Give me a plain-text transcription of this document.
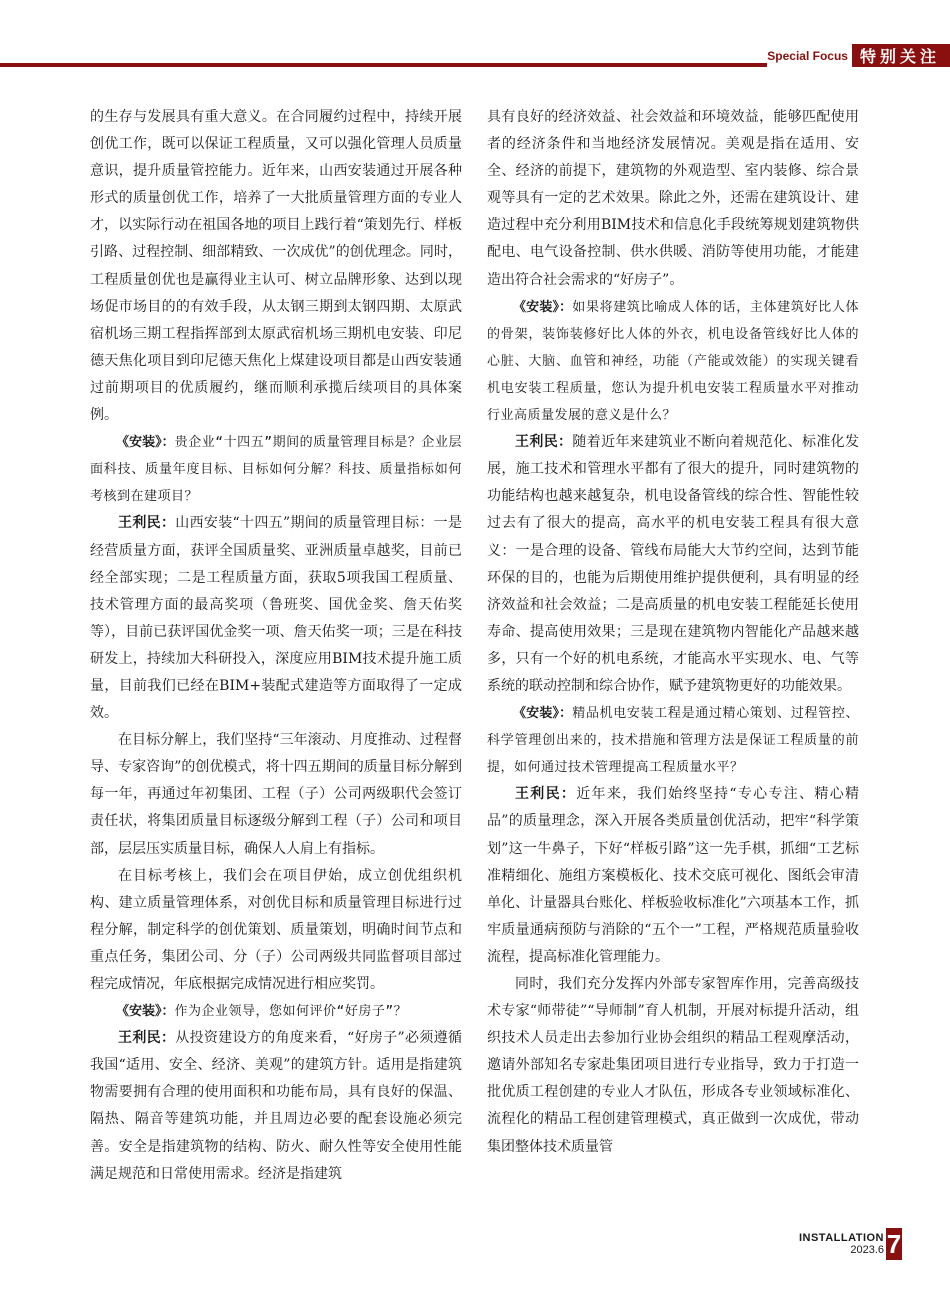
Special Focus 特别关注

的生存与发展具有重大意义。在合同履约过程中，持续开展创优工作，既可以保证工程质量，又可以强化管理人员质量意识，提升质量管控能力。近年来，山西安装通过开展各种形式的质量创优工作，培养了一大批质量管理方面的专业人才，以实际行动在祖国各地的项目上践行着“策划先行、样板引路、过程控制、细部精致、一次成优”的创优理念。同时，工程质量创优也是赢得业主认可、树立品牌形象、达到以现场促市场目的的有效手段，从太钢三期到太钢四期、太原武宿机场三期工程指挥部到太原武宿机场三期机电安装、印尼德天焦化项目到印尼德天焦化上煤建设项目都是山西安装通过前期项目的优质履约，继而顺利承揽后续项目的具体案例。

《安装》：贵企业“十四五”期间的质量管理目标是？企业层面科技、质量年度目标、目标如何分解？科技、质量指标如何考核到在建项目？

王利民：山西安装“十四五”期间的质量管理目标：一是经营质量方面，获评全国质量奖、亚洲质量卓越奖，目前已经全部实现；二是工程质量方面，获取5项我国工程质量、技术管理方面的最高奖项（鲁班奖、国优金奖、詹天佑奖等），目前已获评国优金奖一项、詹天佑奖一项；三是在科技研发上，持续加大科研投入，深度应用BIM技术提升施工质量，目前我们已经在BIM+装配式建造等方面取得了一定成效。

在目标分解上，我们坚持“三年滚动、月度推动、过程督导、专家咨询”的创优模式，将十四五期间的质量目标分解到每一年，再通过年初集团、工程（子）公司两级职代会签订责任状，将集团质量目标逐级分解到工程（子）公司和项目部，层层压实质量目标，确保人人肩上有指标。

在目标考核上，我们会在项目伊始，成立创优组织机构、建立质量管理体系，对创优目标和质量管理目标进行过程分解，制定科学的创优策划、质量策划，明确时间节点和重点任务，集团公司、分（子）公司两级共同监督项目部过程完成情况，年底根据完成情况进行相应奖罚。

《安装》：作为企业领导，您如何评价“好房子”？

王利民：从投资建设方的角度来看，“好房子”必须遵循我国“适用、安全、经济、美观”的建筑方针。适用是指建筑物需要拥有合理的使用面积和功能布局，具有良好的保温、隔热、隔音等建筑功能，并且周边必要的配套设施必须完善。安全是指建筑物的结构、防火、耐久性等安全使用性能满足规范和日常使用需求。经济是指建筑

具有良好的经济效益、社会效益和环境效益，能够匹配使用者的经济条件和当地经济发展情况。美观是指在适用、安全、经济的前提下，建筑物的外观造型、室内装修、综合景观等具有一定的艺术效果。除此之外，还需在建筑设计、建造过程中充分利用BIM技术和信息化手段统筹规划建筑物供配电、电气设备控制、供水供暖、消防等使用功能，才能建造出符合社会需求的“好房子”。

《安装》：如果将建筑比喻成人体的话，主体建筑好比人体的骨架，装饰装修好比人体的外衣，机电设备管线好比人体的心脏、大脑、血管和神经，功能（产能或效能）的实现关键看机电安装工程质量，您认为提升机电安装工程质量水平对推动行业高质量发展的意义是什么？

王利民：随着近年来建筑业不断向着规范化、标准化发展，施工技术和管理水平都有了很大的提升，同时建筑物的功能结构也越来越复杂，机电设备管线的综合性、智能性较过去有了很大的提高，高水平的机电安装工程具有很大意义：一是合理的设备、管线布局能大大节约空间，达到节能环保的目的，也能为后期使用维护提供便利，具有明显的经济效益和社会效益；二是高质量的机电安装工程能延长使用寿命、提高使用效果；三是现在建筑物内智能化产品越来越多，只有一个好的机电系统，才能高水平实现水、电、气等系统的联动控制和综合协作，赋予建筑物更好的功能效果。

《安装》：精品机电安装工程是通过精心策划、过程管控、科学管理创出来的，技术措施和管理方法是保证工程质量的前提，如何通过技术管理提高工程质量水平？

王利民：近年来，我们始终坚持“专心专注、精心精品”的质量理念，深入开展各类质量创优活动，把牢“科学策划”这一牛鼻子，下好“样板引路”这一先手棋，抓细“工艺标准精细化、施组方案模板化、技术交底可视化、图纸会审清单化、计量器具台账化、样板验收标准化”六项基本工作，抓牢质量通病预防与消除的“五个一”工程，严格规范质量验收流程，提高标准化管理能力。

同时，我们充分发挥内外部专家智库作用，完善高级技术专家“师带徒”“导师制”育人机制，开展对标提升活动，组织技术人员走出去参加行业协会组织的精品工程观摩活动，邀请外部知名专家赴集团项目进行专业指导，致力于打造一批优质工程创建的专业人才队伍，形成各专业领域标准化、流程化的精品工程创建管理模式，真正做到一次成优，带动集团整体技术质量管

INSTALLATION
2023.6 7
